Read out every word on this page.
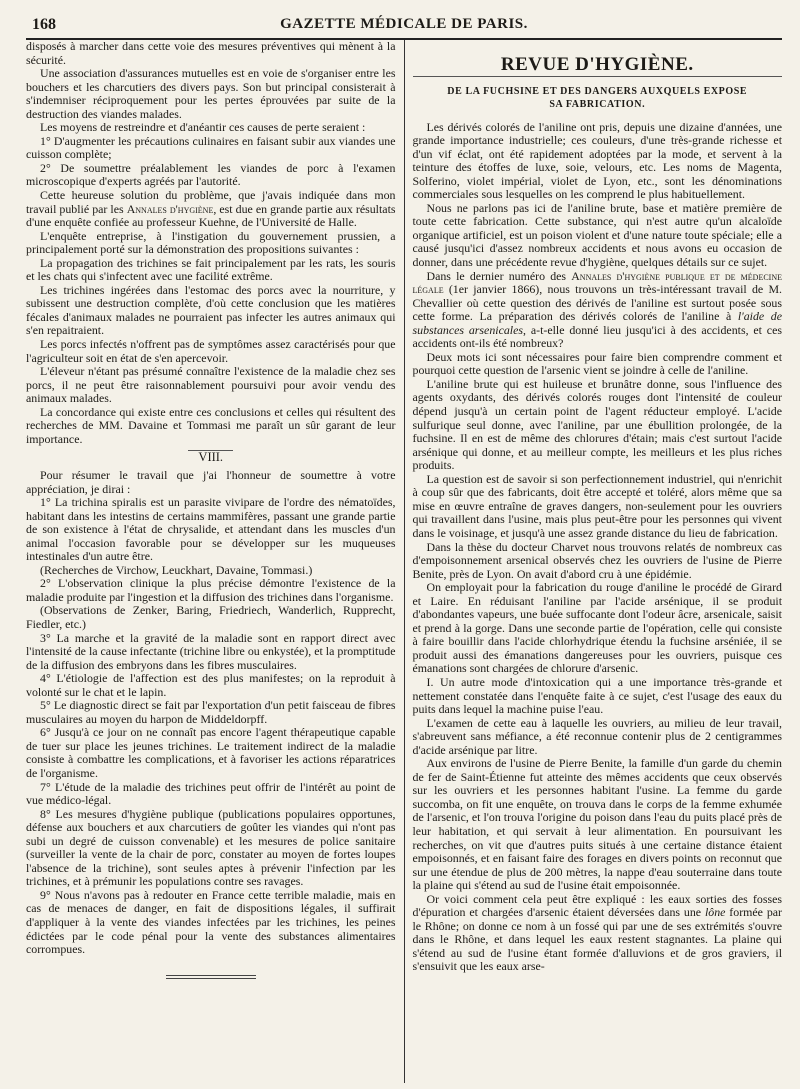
168	GAZETTE MÉDICALE DE PARIS.

disposés à marcher dans cette voie des mesures préventives qui mènent à la sécurité.

Une association d'assurances mutuelles est en voie de s'organiser entre les bouchers et les charcutiers des divers pays. Son but principal consisterait à s'indemniser réciproquement pour les pertes éprouvées par suite de la destruction des viandes malades.

Les moyens de restreindre et d'anéantir ces causes de perte seraient :

1° D'augmenter les précautions culinaires en faisant subir aux viandes une cuisson complète;

2° De soumettre préalablement les viandes de porc à l'examen microscopique d'experts agréés par l'autorité.

Cette heureuse solution du problème, que j'avais indiquée dans mon travail publié par les Annales d'hygiène, est due en grande partie aux résultats d'une enquête confiée au professeur Kuehne, de l'Université de Halle.

L'enquête entreprise, à l'instigation du gouvernement prussien, a principalement porté sur la démonstration des propositions suivantes :

La propagation des trichines se fait principalement par les rats, les souris et les chats qui s'infectent avec une facilité extrême.

Les trichines ingérées dans l'estomac des porcs avec la nourriture, y subissent une destruction complète, d'où cette conclusion que les matières fécales d'animaux malades ne pourraient pas infecter les autres animaux qui s'en repaitraient.

Les porcs infectés n'offrent pas de symptômes assez caractérisés pour que l'agriculteur soit en état de s'en apercevoir.

L'éleveur n'étant pas présumé connaître l'existence de la maladie chez ses porcs, il ne peut être raisonnablement poursuivi pour avoir vendu des animaux malades.

La concordance qui existe entre ces conclusions et celles qui résultent des recherches de MM. Davaine et Tommasi me paraît un sûr garant de leur importance.

VIII.

Pour résumer le travail que j'ai l'honneur de soumettre à votre appréciation, je dirai :

1° La trichina spiralis est un parasite vivipare de l'ordre des nématoïdes, habitant dans les intestins de certains mammifères, passant une grande partie de son existence à l'état de chrysalide, et attendant dans les muscles d'un animal l'occasion favorable pour se développer sur les muqueuses intestinales d'un autre être.

(Recherches de Virchow, Leuckhart, Davaine, Tommasi.)

2° L'observation clinique la plus précise démontre l'existence de la maladie produite par l'ingestion et la diffusion des trichines dans l'organisme.

(Observations de Zenker, Baring, Friedriech, Wanderlich, Rupprecht, Fiedler, etc.)

3° La marche et la gravité de la maladie sont en rapport direct avec l'intensité de la cause infectante (trichine libre ou enkystée), et la promptitude de la diffusion des embryons dans les fibres musculaires.

4° L'étiologie de l'affection est des plus manifestes; on la reproduit à volonté sur le chat et le lapin.

5° Le diagnostic direct se fait par l'exportation d'un petit faisceau de fibres musculaires au moyen du harpon de Middeldorpff.

6° Jusqu'à ce jour on ne connaît pas encore l'agent thérapeutique capable de tuer sur place les jeunes trichines. Le traitement indirect de la maladie consiste à combattre les complications, et à favoriser les actions réparatrices de l'organisme.

7° L'étude de la maladie des trichines peut offrir de l'intérêt au point de vue médico-légal.

8° Les mesures d'hygiène publique (publications populaires opportunes, défense aux bouchers et aux charcutiers de goûter les viandes qui n'ont pas subi un degré de cuisson convenable) et les mesures de police sanitaire (surveiller la vente de la chair de porc, constater au moyen de fortes loupes l'absence de la trichine), sont seules aptes à prévenir l'infection par les trichines, et à prémunir les populations contre ses ravages.

9° Nous n'avons pas à redouter en France cette terrible maladie, mais en cas de menaces de danger, en fait de dispositions légales, il suffirait d'appliquer à la vente des viandes infectées par les trichines, les peines édictées par le code pénal pour la vente des substances alimentaires corrompues.

REVUE D'HYGIÈNE.
DE LA FUCHSINE ET DES DANGERS AUXQUELS EXPOSE
SA FABRICATION.

Les dérivés colorés de l'aniline ont pris, depuis une dizaine d'années, une grande importance industrielle; ces couleurs, d'une très-grande richesse et d'un vif éclat, ont été rapidement adoptées par la mode, et servent à la teinture des étoffes de luxe, soie, velours, etc. Les noms de Magenta, Solferino, violet impérial, violet de Lyon, etc., sont les dénominations commerciales sous lesquelles on les comprend le plus habituellement.

Nous ne parlons pas ici de l'aniline brute, base et matière première de toute cette fabrication. Cette substance, qui n'est autre qu'un alcaloïde organique artificiel, est un poison violent et d'une nature toute spéciale; elle a causé jusqu'ici d'assez nombreux accidents et nous avons eu occasion de donner, dans une précédente revue d'hygiène, quelques détails sur ce sujet.

Dans le dernier numéro des Annales d'hygiène publique et de médecine légale (1er janvier 1866), nous trouvons un très-intéressant travail de M. Chevallier où cette question des dérivés de l'aniline est surtout posée sous cette forme. La préparation des dérivés colorés de l'aniline à l'aide de substances arsenicales, a-t-elle donné lieu jusqu'ici à des accidents, et ces accidents ont-ils été nombreux?

Deux mots ici sont nécessaires pour faire bien comprendre comment et pourquoi cette question de l'arsenic vient se joindre à celle de l'aniline.

L'aniline brute qui est huileuse et brunâtre donne, sous l'influence des agents oxydants, des dérivés colorés rouges dont l'intensité de couleur dépend jusqu'à un certain point de l'agent réducteur employé. L'acide sulfurique seul donne, avec l'aniline, par une ébullition prolongée, de la fuchsine. Il en est de même des chlorures d'étain; mais c'est surtout l'acide arsénique qui donne, et au meilleur compte, les meilleurs et les plus riches produits.

La question est de savoir si son perfectionnement industriel, qui n'enrichit à coup sûr que des fabricants, doit être accepté et toléré, alors même que sa mise en œuvre entraîne de graves dangers, non-seulement pour les ouvriers qui travaillent dans l'usine, mais plus peut-être pour les personnes qui vivent dans le voisinage, et jusqu'à une assez grande distance du lieu de fabrication.

Dans la thèse du docteur Charvet nous trouvons relatés de nombreux cas d'empoisonnement arsenical observés chez les ouvriers de l'usine de Pierre Benite, près de Lyon. On avait d'abord cru à une épidémie.

On employait pour la fabrication du rouge d'aniline le procédé de Girard et Laire. En réduisant l'aniline par l'acide arsénique, il se produit d'abondantes vapeurs, une buée suffocante dont l'odeur âcre, arsenicale, saisit et prend à la gorge. Dans une seconde partie de l'opération, celle qui consiste à faire bouillir dans l'acide chlorhydrique étendu la fuchsine arséniée, il se produit aussi des émanations dangereuses pour les ouvriers, puisque ces émanations sont chargées de chlorure d'arsenic.

I. Un autre mode d'intoxication qui a une importance très-grande et nettement constatée dans l'enquête faite à ce sujet, c'est l'usage des eaux du puits dans lequel la machine puise l'eau.

L'examen de cette eau à laquelle les ouvriers, au milieu de leur travail, s'abreuvent sans méfiance, a été reconnue contenir plus de 2 centigrammes d'acide arsénique par litre.

Aux environs de l'usine de Pierre Benite, la famille d'un garde du chemin de fer de Saint-Étienne fut atteinte des mêmes accidents que ceux observés sur les ouvriers et les personnes habitant l'usine. La femme du garde succomba, on fit une enquête, on trouva dans le corps de la femme exhumée de l'arsenic, et l'on trouva l'origine du poison dans l'eau du puits placé près de leur habitation, et qui servait à leur alimentation. En poursuivant les recherches, on vit que d'autres puits situés à une certaine distance étaient empoisonnés, et en faisant faire des forages en divers points on reconnut que sur une étendue de plus de 200 mètres, la nappe d'eau souterraine dans toute la plaine qui s'étend au sud de l'usine était empoisonnée.

Or voici comment cela peut être expliqué : les eaux sorties des fosses d'épuration et chargées d'arsenic étaient déversées dans une lône formée par le Rhône; on donne ce nom à un fossé qui par une de ses extrémités s'ouvre dans le Rhône, et dans lequel les eaux restent stagnantes. La plaine qui s'étend au sud de l'usine étant formée d'alluvions et de gros graviers, il s'ensuivit que les eaux arse-
